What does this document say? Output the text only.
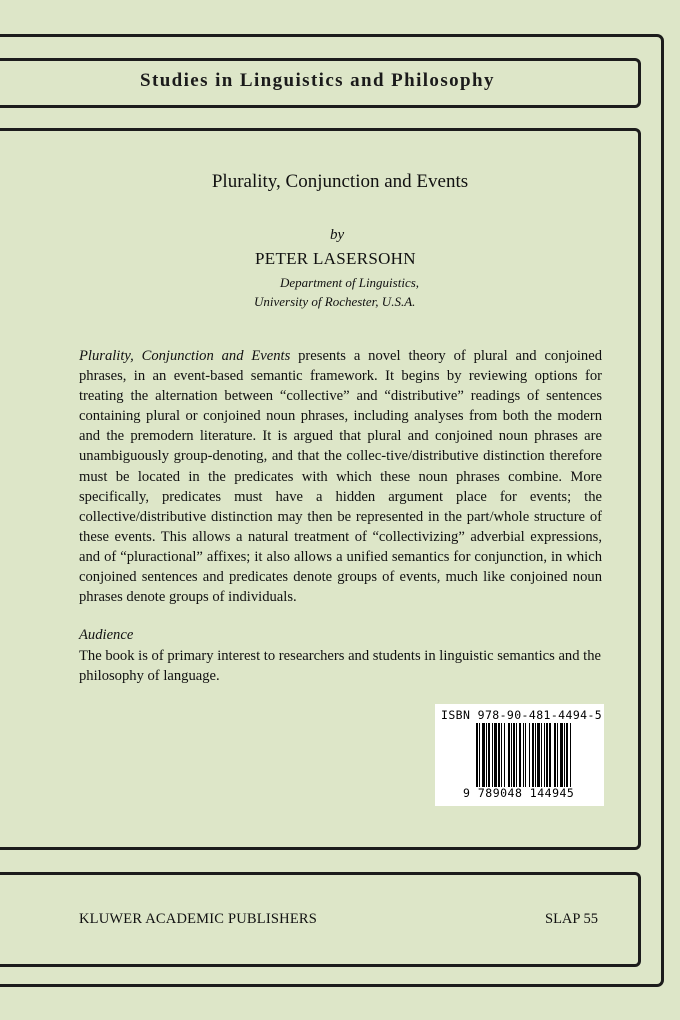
Studies in Linguistics and Philosophy
Plurality, Conjunction and Events
by
PETER LASERSOHN
Department of Linguistics,
University of Rochester, U.S.A.

Plurality, Conjunction and Events presents a novel theory of plural and conjoined phrases, in an event-based semantic framework. It begins by reviewing options for treating the alternation between “collective” and “distributive” readings of sentences containing plural or conjoined noun phrases, including analyses from both the modern and the premodern literature. It is argued that plural and conjoined noun phrases are unambiguously group-denoting, and that the collec-tive/distributive distinction therefore must be located in the predicates with which these noun phrases combine. More specifically, predicates must have a hidden argument place for events; the collective/distributive distinction may then be represented in the part/whole structure of these events. This allows a natural treatment of “collectivizing” adverbial expressions, and of “pluractional” affixes; it also allows a unified semantics for conjunction, in which conjoined sentences and predicates denote groups of events, much like conjoined noun phrases denote groups of individuals.

Audience

The book is of primary interest to researchers and students in linguistic semantics and the philosophy of language.

ISBN 978-90-481-4494-5
9 789048 144945
KLUWER ACADEMIC PUBLISHERS	SLAP 55
